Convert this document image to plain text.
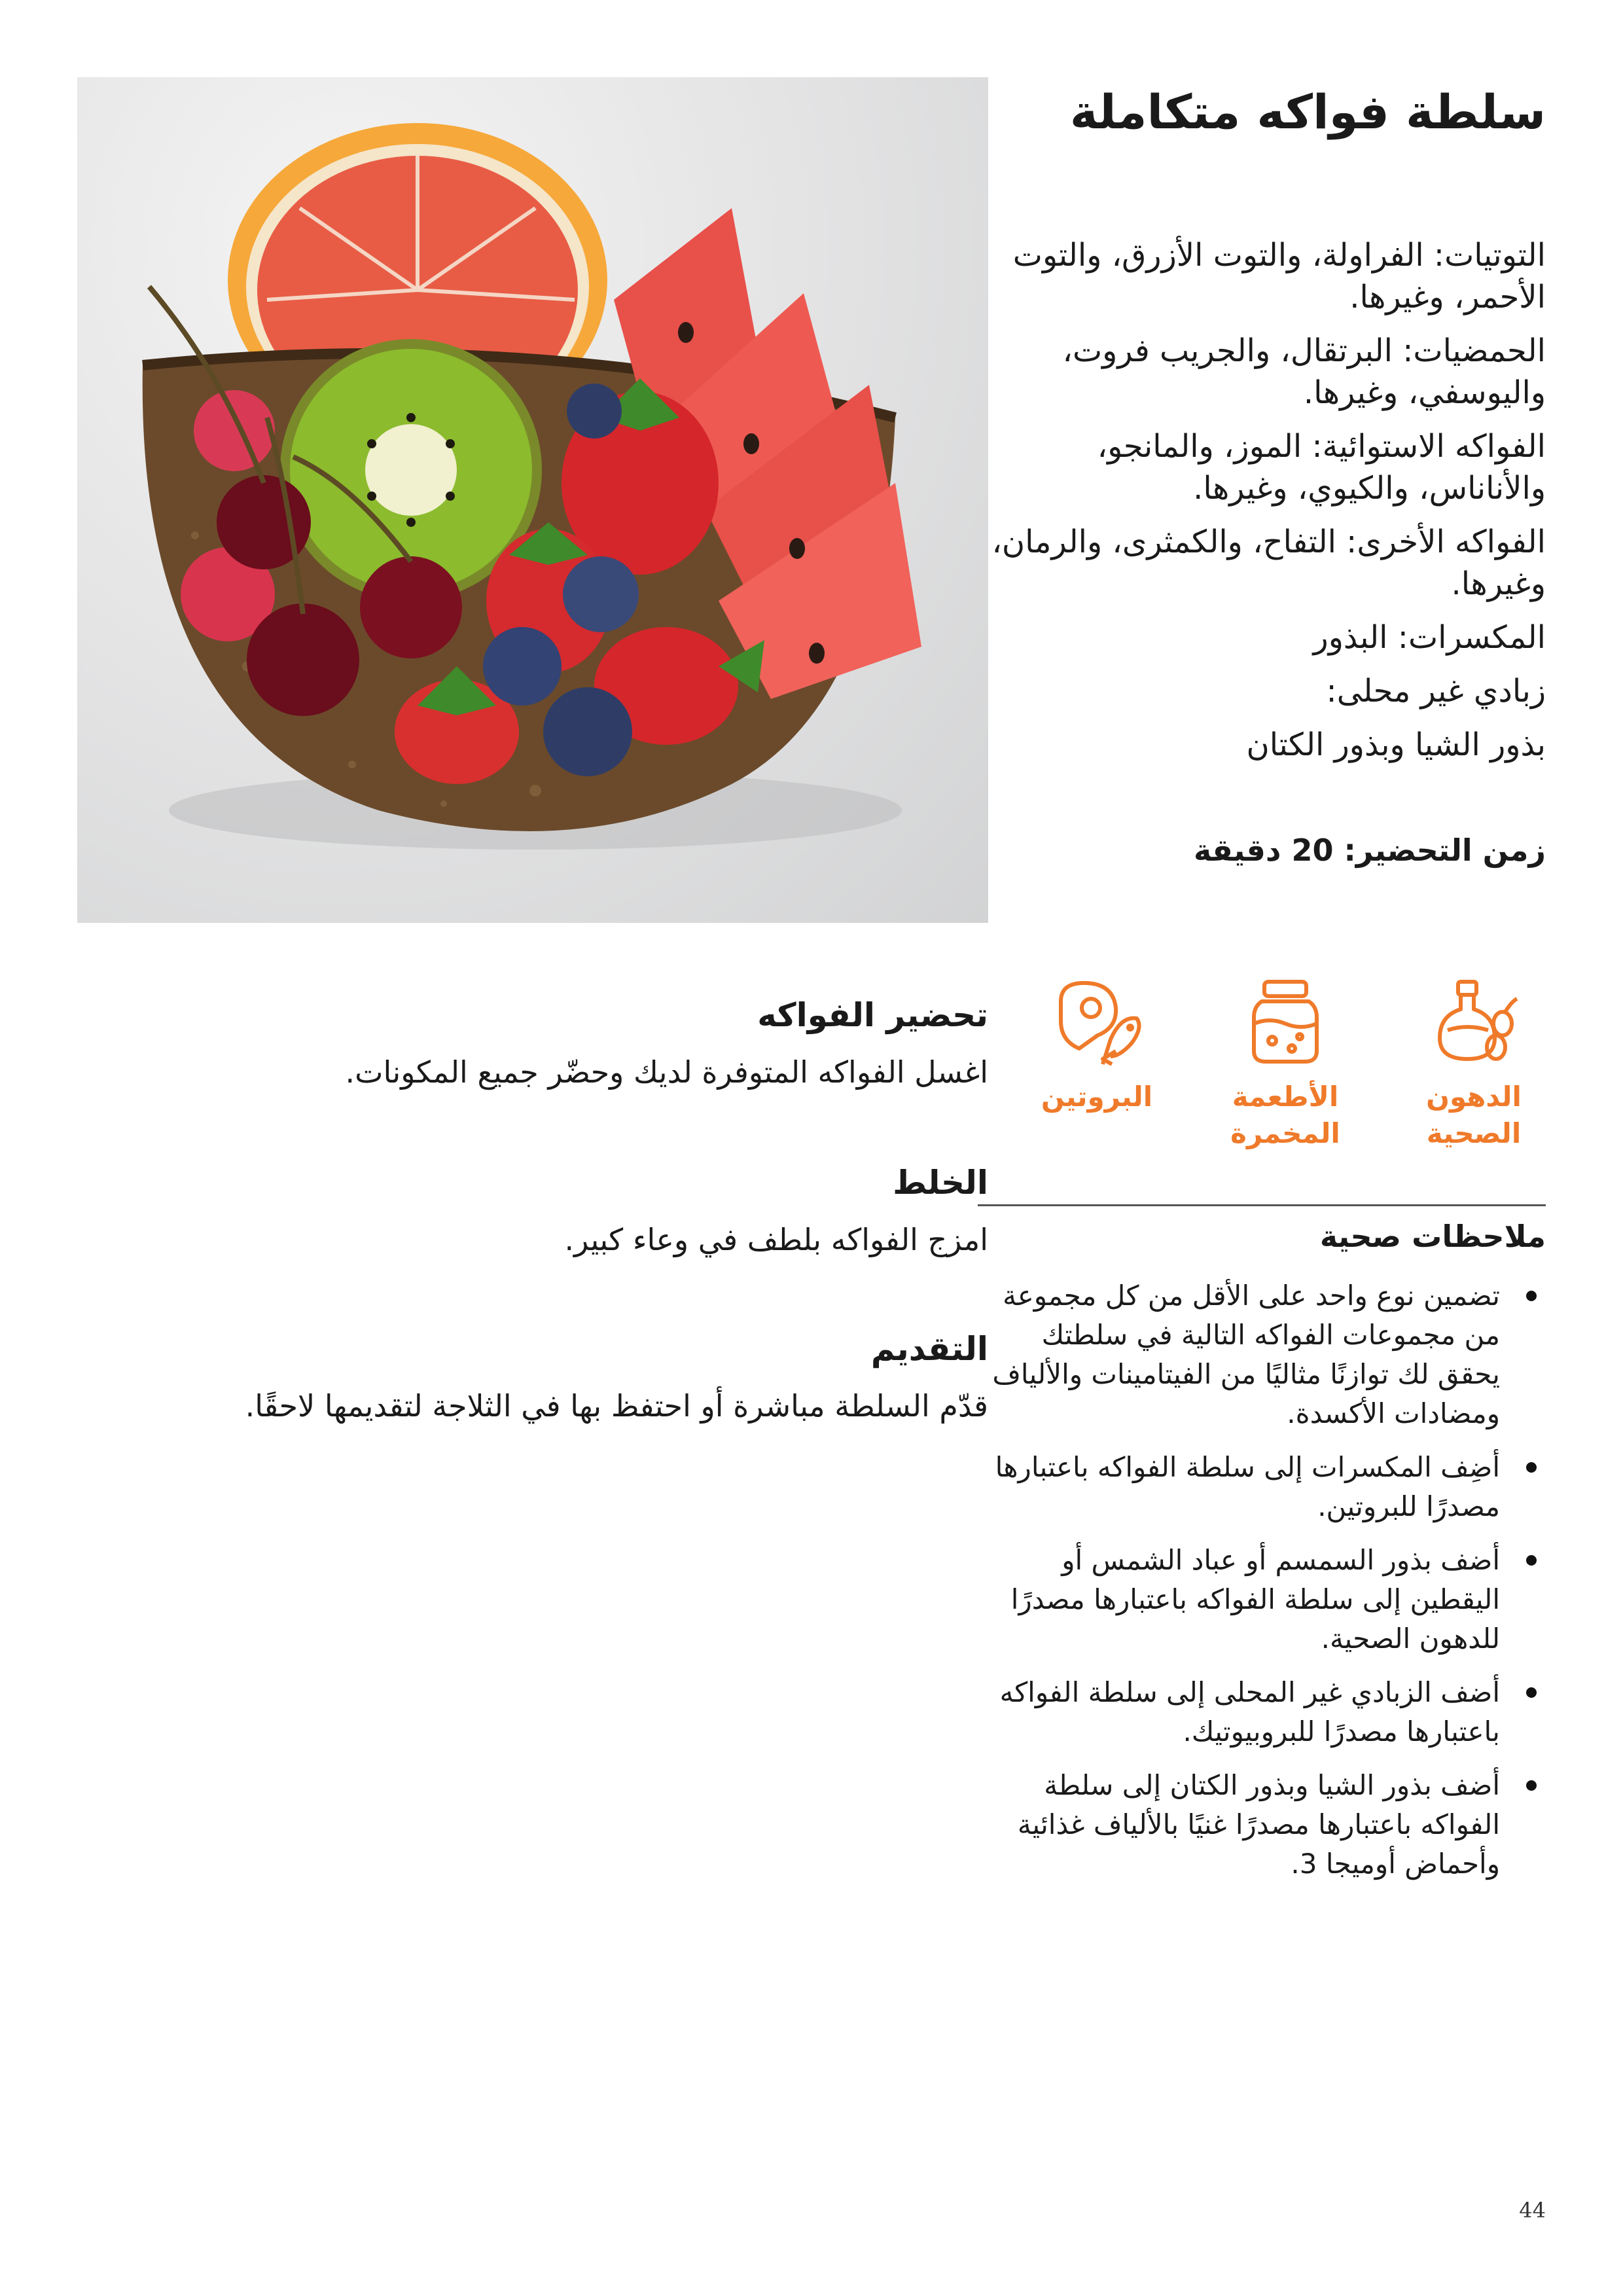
سلطة فواكه متكاملة
التوتيات: الفراولة، والتوت الأزرق، والتوت الأحمر، وغيرها.
الحمضيات: البرتقال، والجريب فروت، واليوسفي، وغيرها.
الفواكه الاستوائية: الموز، والمانجو، والأناناس، والكيوي، وغيرها.
الفواكه الأخرى: التفاح، والكمثرى، والرمان، وغيرها.
المكسرات: البذور
زبادي غير محلى:
بذور الشيا وبذور الكتان
زمن التحضير: 20 دقيقة
تحضير الفواكه
اغسل الفواكه المتوفرة لديك وحضّر جميع المكونات.
الخلط
امزج الفواكه بلطف في وعاء كبير.
التقديم
قدّم السلطة مباشرة أو احتفظ بها في الثلاجة لتقديمها لاحقًا.
الدهون الصحية
الأطعمة المخمرة
البروتين
ملاحظات صحية
تضمين نوع واحد على الأقل من كل مجموعة من مجموعات الفواكه التالية في سلطتك يحقق لك توازنًا مثاليًا من الفيتامينات والألياف ومضادات الأكسدة.
أضِف المكسرات إلى سلطة الفواكه باعتبارها مصدرًا للبروتين.
أضف بذور السمسم أو عباد الشمس أو اليقطين إلى سلطة الفواكه باعتبارها مصدرًا للدهون الصحية.
أضف الزبادي غير المحلى إلى سلطة الفواكه باعتبارها مصدرًا للبروبيوتيك.
أضف بذور الشيا وبذور الكتان إلى سلطة الفواكه باعتبارها مصدرًا غنيًا بالألياف غذائية وأحماض أوميجا 3.
44
